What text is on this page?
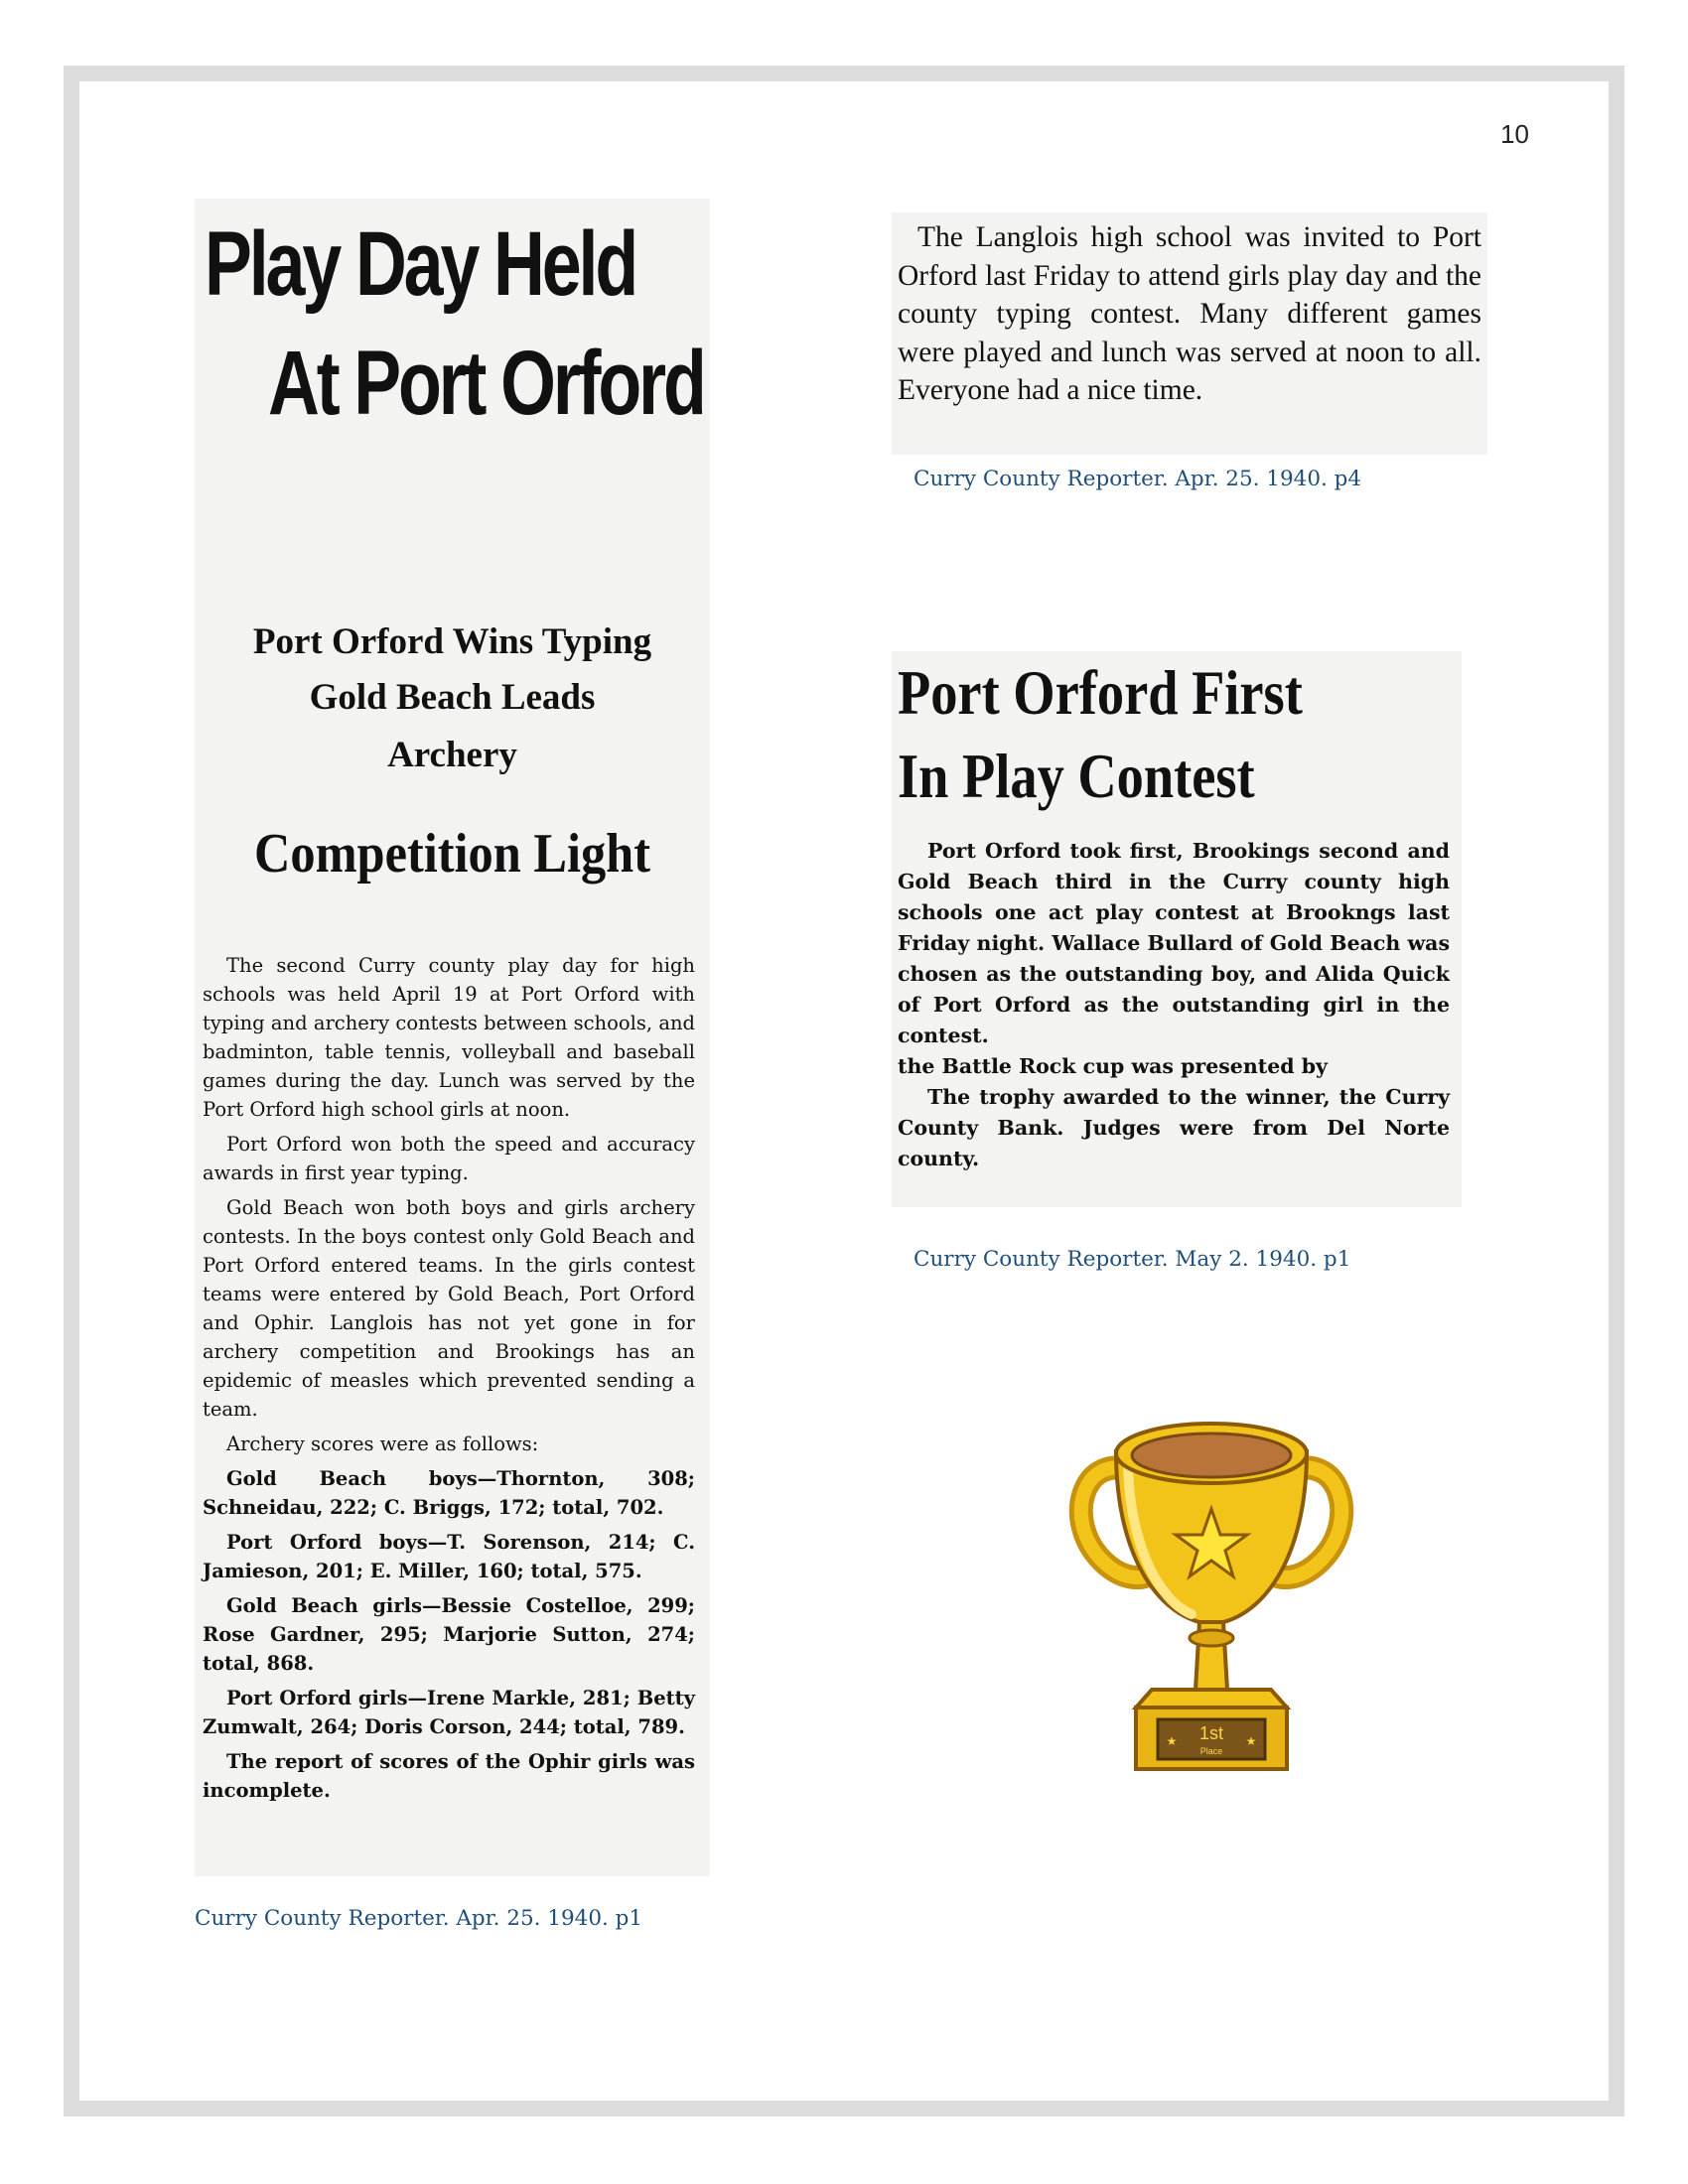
10
Play Day Held
At Port Orford
Port Orford Wins Typing
Gold Beach Leads
Archery
Competition Light

The second Curry county play day for high schools was held April 19 at Port Orford with typing and archery contests between schools, and badminton, table tennis, volleyball and baseball games during the day. Lunch was served by the Port Orford high school girls at noon.

Port Orford won both the speed and accuracy awards in first year typing.

Gold Beach won both boys and girls archery contests. In the boys contest only Gold Beach and Port Orford entered teams. In the girls contest teams were entered by Gold Beach, Port Orford and Ophir. Langlois has not yet gone in for archery competition and Brookings has an epidemic of measles which prevented sending a team.

Archery scores were as follows:

Gold Beach boys—Thornton, 308; Schneidau, 222; C. Briggs, 172; total, 702.

Port Orford boys—T. Sorenson, 214; C. Jamieson, 201; E. Miller, 160; total, 575.

Gold Beach girls—Bessie Costelloe, 299; Rose Gardner, 295; Marjorie Sutton, 274; total, 868.

Port Orford girls—Irene Markle, 281; Betty Zumwalt, 264; Doris Corson, 244; total, 789.

The report of scores of the Ophir girls was incomplete.

Curry County Reporter. Apr. 25. 1940. p1

The Langlois high school was invited to Port Orford last Friday to attend girls play day and the county typing contest. Many different games were played and lunch was served at noon to all. Everyone had a nice time.

Curry County Reporter. Apr. 25. 1940. p4
Port Orford First
In Play Contest

Port Orford took first, Brookings second and Gold Beach third in the Curry county high schools one act play contest at Brookngs last Friday night. Wallace Bullard of Gold Beach was chosen as the outstanding boy, and Alida Quick of Port Orford as the outstanding girl in the contest.

the Battle Rock cup was presented by

The trophy awarded to the winner, the Curry County Bank. Judges were from Del Norte county.

Curry County Reporter. May 2. 1940. p1
1st
Place
★	★
